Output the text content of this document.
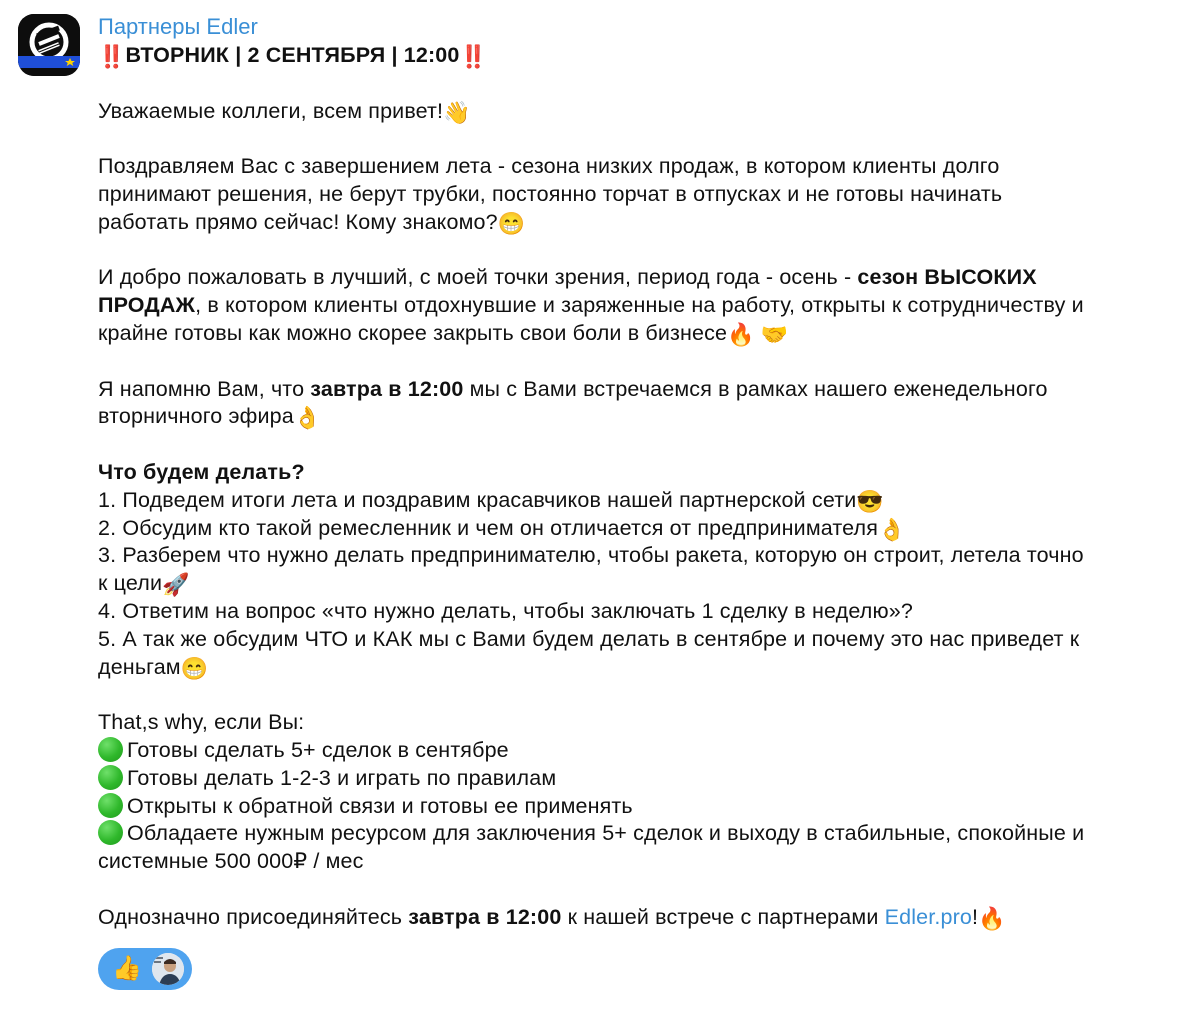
Партнеры Edler
‼️ВТОРНИК | 2 СЕНТЯБРЯ | 12:00‼️
Уважаемые коллеги, всем привет!👋
Поздравляем Вас с завершением лета - сезона низких продаж, в котором клиенты долго
принимают решения, не берут трубки, постоянно торчат в отпусках и не готовы начинать
работать прямо сейчас! Кому знакомо?😁
И добро пожаловать в лучший, с моей точки зрения, период года - осень - сезон ВЫСОКИХ
ПРОДАЖ, в котором клиенты отдохнувшие и заряженные на работу, открыты к сотрудничеству и
крайне готовы как можно скорее закрыть свои боли в бизнесе🔥 🤝
Я напомню Вам, что завтра в 12:00 мы с Вами встречаемся в рамках нашего еженедельного
вторничного эфира👌
Что будем делать?
1. Подведем итоги лета и поздравим красавчиков нашей партнерской сети😎
2. Обсудим кто такой ремесленник и чем он отличается от предпринимателя👌
3. Разберем что нужно делать предпринимателю, чтобы ракета, которую он строит, летела точно
к цели🚀
4. Ответим на вопрос «что нужно делать, чтобы заключать 1 сделку в неделю»?
5. А так же обсудим ЧТО и КАК мы с Вами будем делать в сентябре и почему это нас приведет к
деньгам😁
That,s why, если Вы:
Готовы сделать 5+ сделок в сентябре
Готовы делать 1-2-3 и играть по правилам
Открыты к обратной связи и готовы ее применять
Обладаете нужным ресурсом для заключения 5+ сделок и выходу в стабильные, спокойные и
системные 500 000₽ / мес
Однозначно присоединяйтесь завтра в 12:00 к нашей встрече с партнерами Edler.pro!🔥
👍
